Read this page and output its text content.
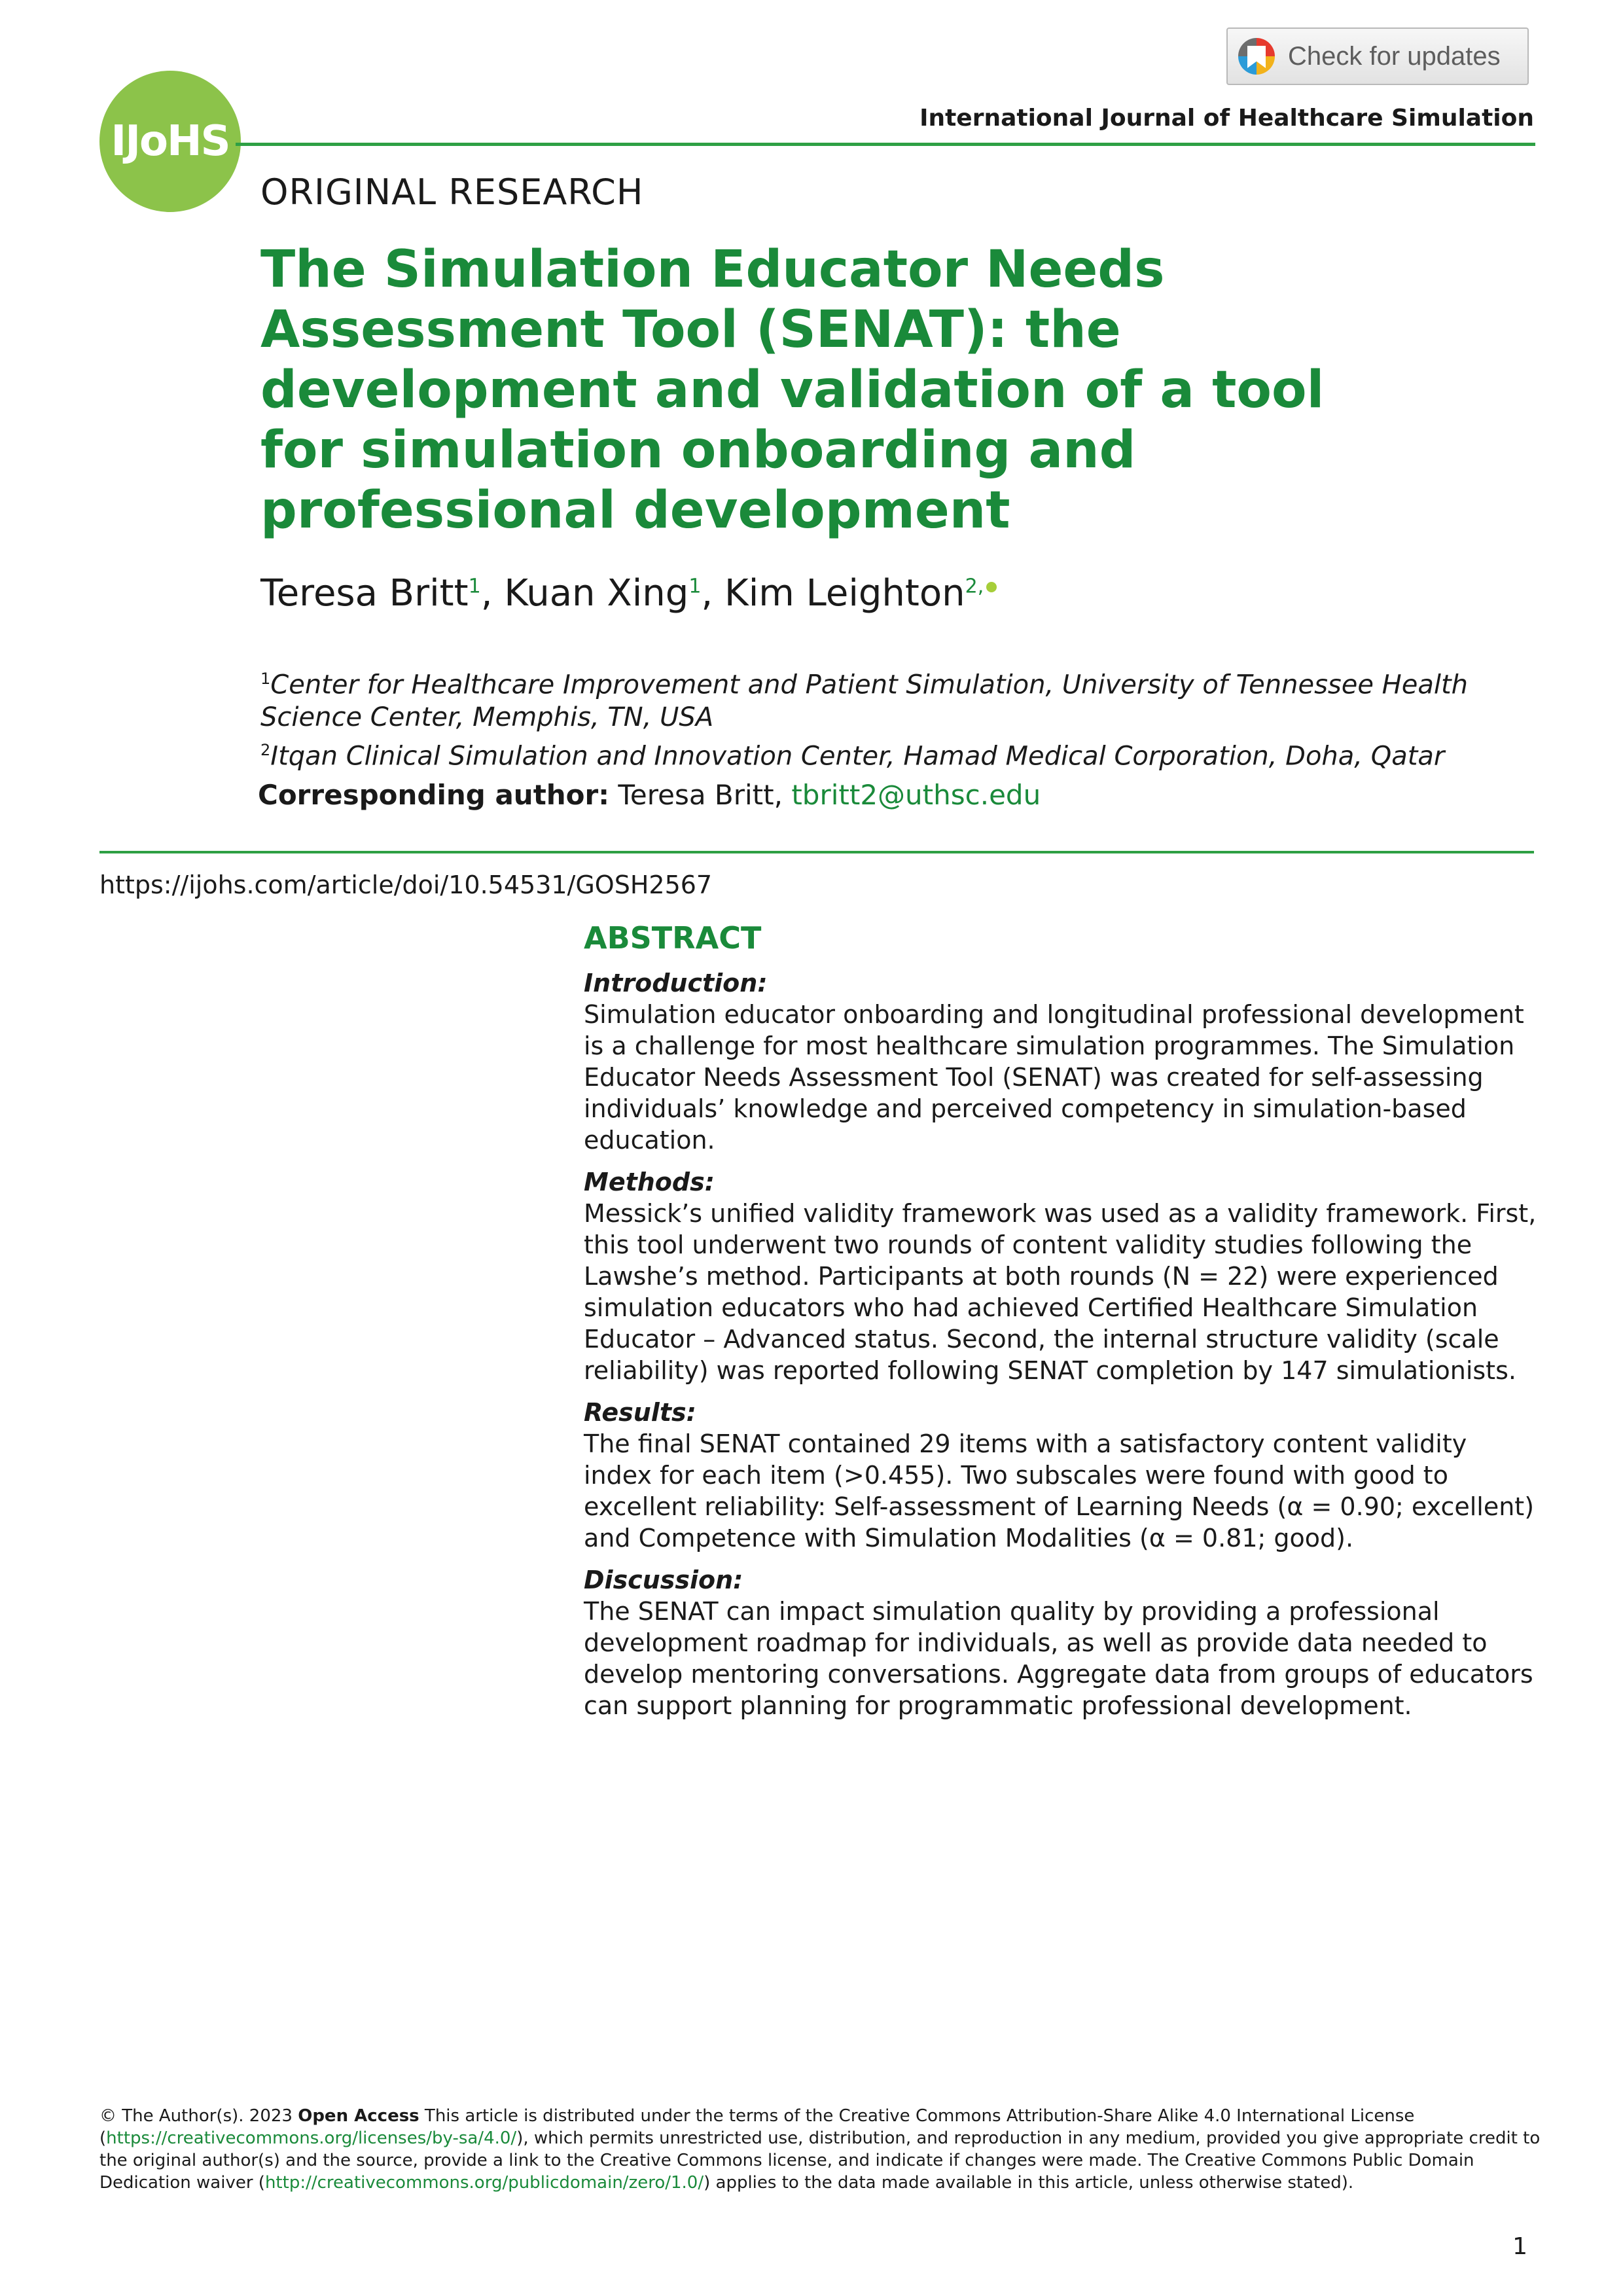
IJoHS
Check for updates
International Journal of Healthcare Simulation
ORIGINAL RESEARCH
The Simulation Educator Needs Assessment Tool (SENAT): the development and validation of a tool for simulation onboarding and professional development
Teresa Britt$^1$, Kuan Xing$^1$, Kim Leighton$^{2,}$
$^1$Center for Healthcare Improvement and Patient Simulation, University of Tennessee Health Science Center, Memphis, TN, USA
$^2$Itqan Clinical Simulation and Innovation Center, Hamad Medical Corporation, Doha, Qatar
Corresponding author: Teresa Britt, tbritt2@uthsc.edu
https://ijohs.com/article/doi/10.54531/GOSH2567
ABSTRACT

Introduction:

Simulation educator onboarding and longitudinal professional development is a challenge for most healthcare simulation programmes. The Simulation Educator Needs Assessment Tool (SENAT) was created for self-assessing individuals’ knowledge and perceived competency in simulation-based education.

Methods:

Messick’s unified validity framework was used as a validity framework. First, this tool underwent two rounds of content validity studies following the Lawshe’s method. Participants at both rounds (N = 22) were experienced simulation educators who had achieved Certified Healthcare Simulation Educator – Advanced status. Second, the internal structure validity (scale reliability) was reported following SENAT completion by 147 simulationists.

Results:

The final SENAT contained 29 items with a satisfactory content validity index for each item (>0.455). Two subscales were found with good to excellent reliability: Self-assessment of Learning Needs (α = 0.90; excellent) and Competence with Simulation Modalities (α = 0.81; good).

Discussion:

The SENAT can impact simulation quality by providing a professional development roadmap for individuals, as well as provide data needed to develop mentoring conversations. Aggregate data from groups of educators can support planning for programmatic professional development.

© The Author(s). 2023 Open Access This article is distributed under the terms of the Creative Commons Attribution-Share Alike 4.0 International License (https://creativecommons.org/licenses/by-sa/4.0/), which permits unrestricted use, distribution, and reproduction in any medium, provided you give appropriate credit to the original author(s) and the source, provide a link to the Creative Commons license, and indicate if changes were made. The Creative Commons Public Domain Dedication waiver (http://creativecommons.org/publicdomain/zero/1.0/) applies to the data made available in this article, unless otherwise stated).
1
